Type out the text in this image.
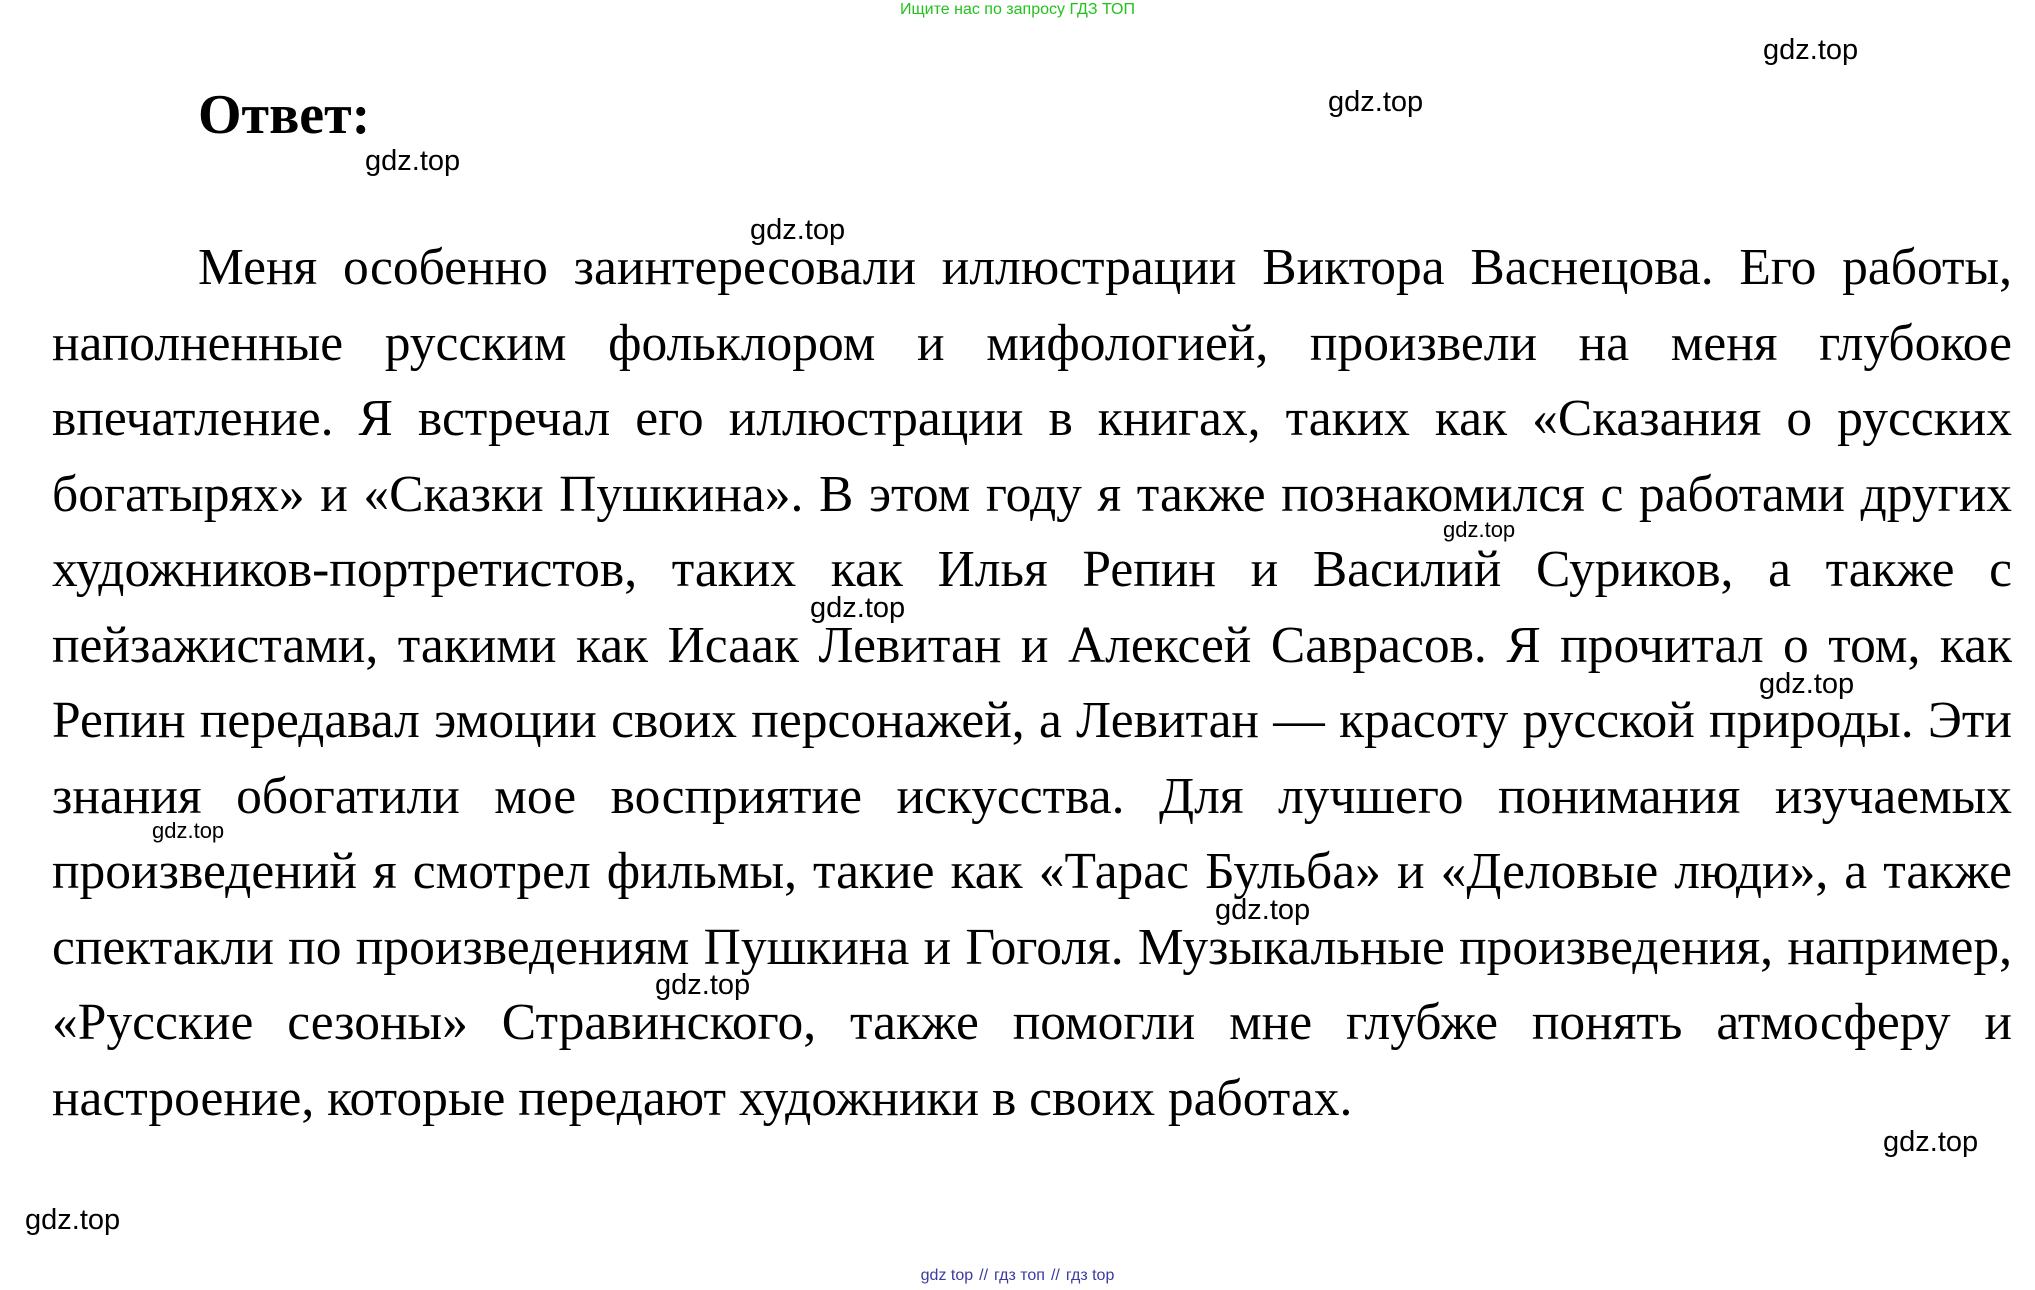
Ищите нас по запросу ГДЗ ТОП
Ответ:

Меня особенно заинтересовали иллюстрации Виктора Васнецова. Его работы, наполненные русским фольклором и мифологией, произвели на меня глубокое впечатление. Я встречал его иллюстрации в книгах, таких как «Сказания о русских богатырях» и «Сказки Пушкина». В этом году я также познакомился с работами других художников-портретистов, таких как Илья Репин и Василий Суриков, а также с пейзажистами, такими как Исаак Левитан и Алексей Саврасов. Я прочитал о том, как Репин передавал эмоции своих персонажей, а Левитан — красоту русской природы. Эти знания обогатили мое восприятие искусства. Для лучшего понимания изучаемых произведений я смотрел фильмы, такие как «Тарас Бульба» и «Деловые люди», а также спектакли по произведениям Пушкина и Гоголя. Музыкальные произведения, например, «Русские сезоны» Стравинского, также помогли мне глубже понять атмосферу и настроение, которые передают художники в своих работах.

gdz.top
gdz.top
gdz.top
gdz.top
gdz.top
gdz.top
gdz.top
gdz.top
gdz.top
gdz.top
gdz.top
gdz.top
gdz top // гдз топ // гдз top
